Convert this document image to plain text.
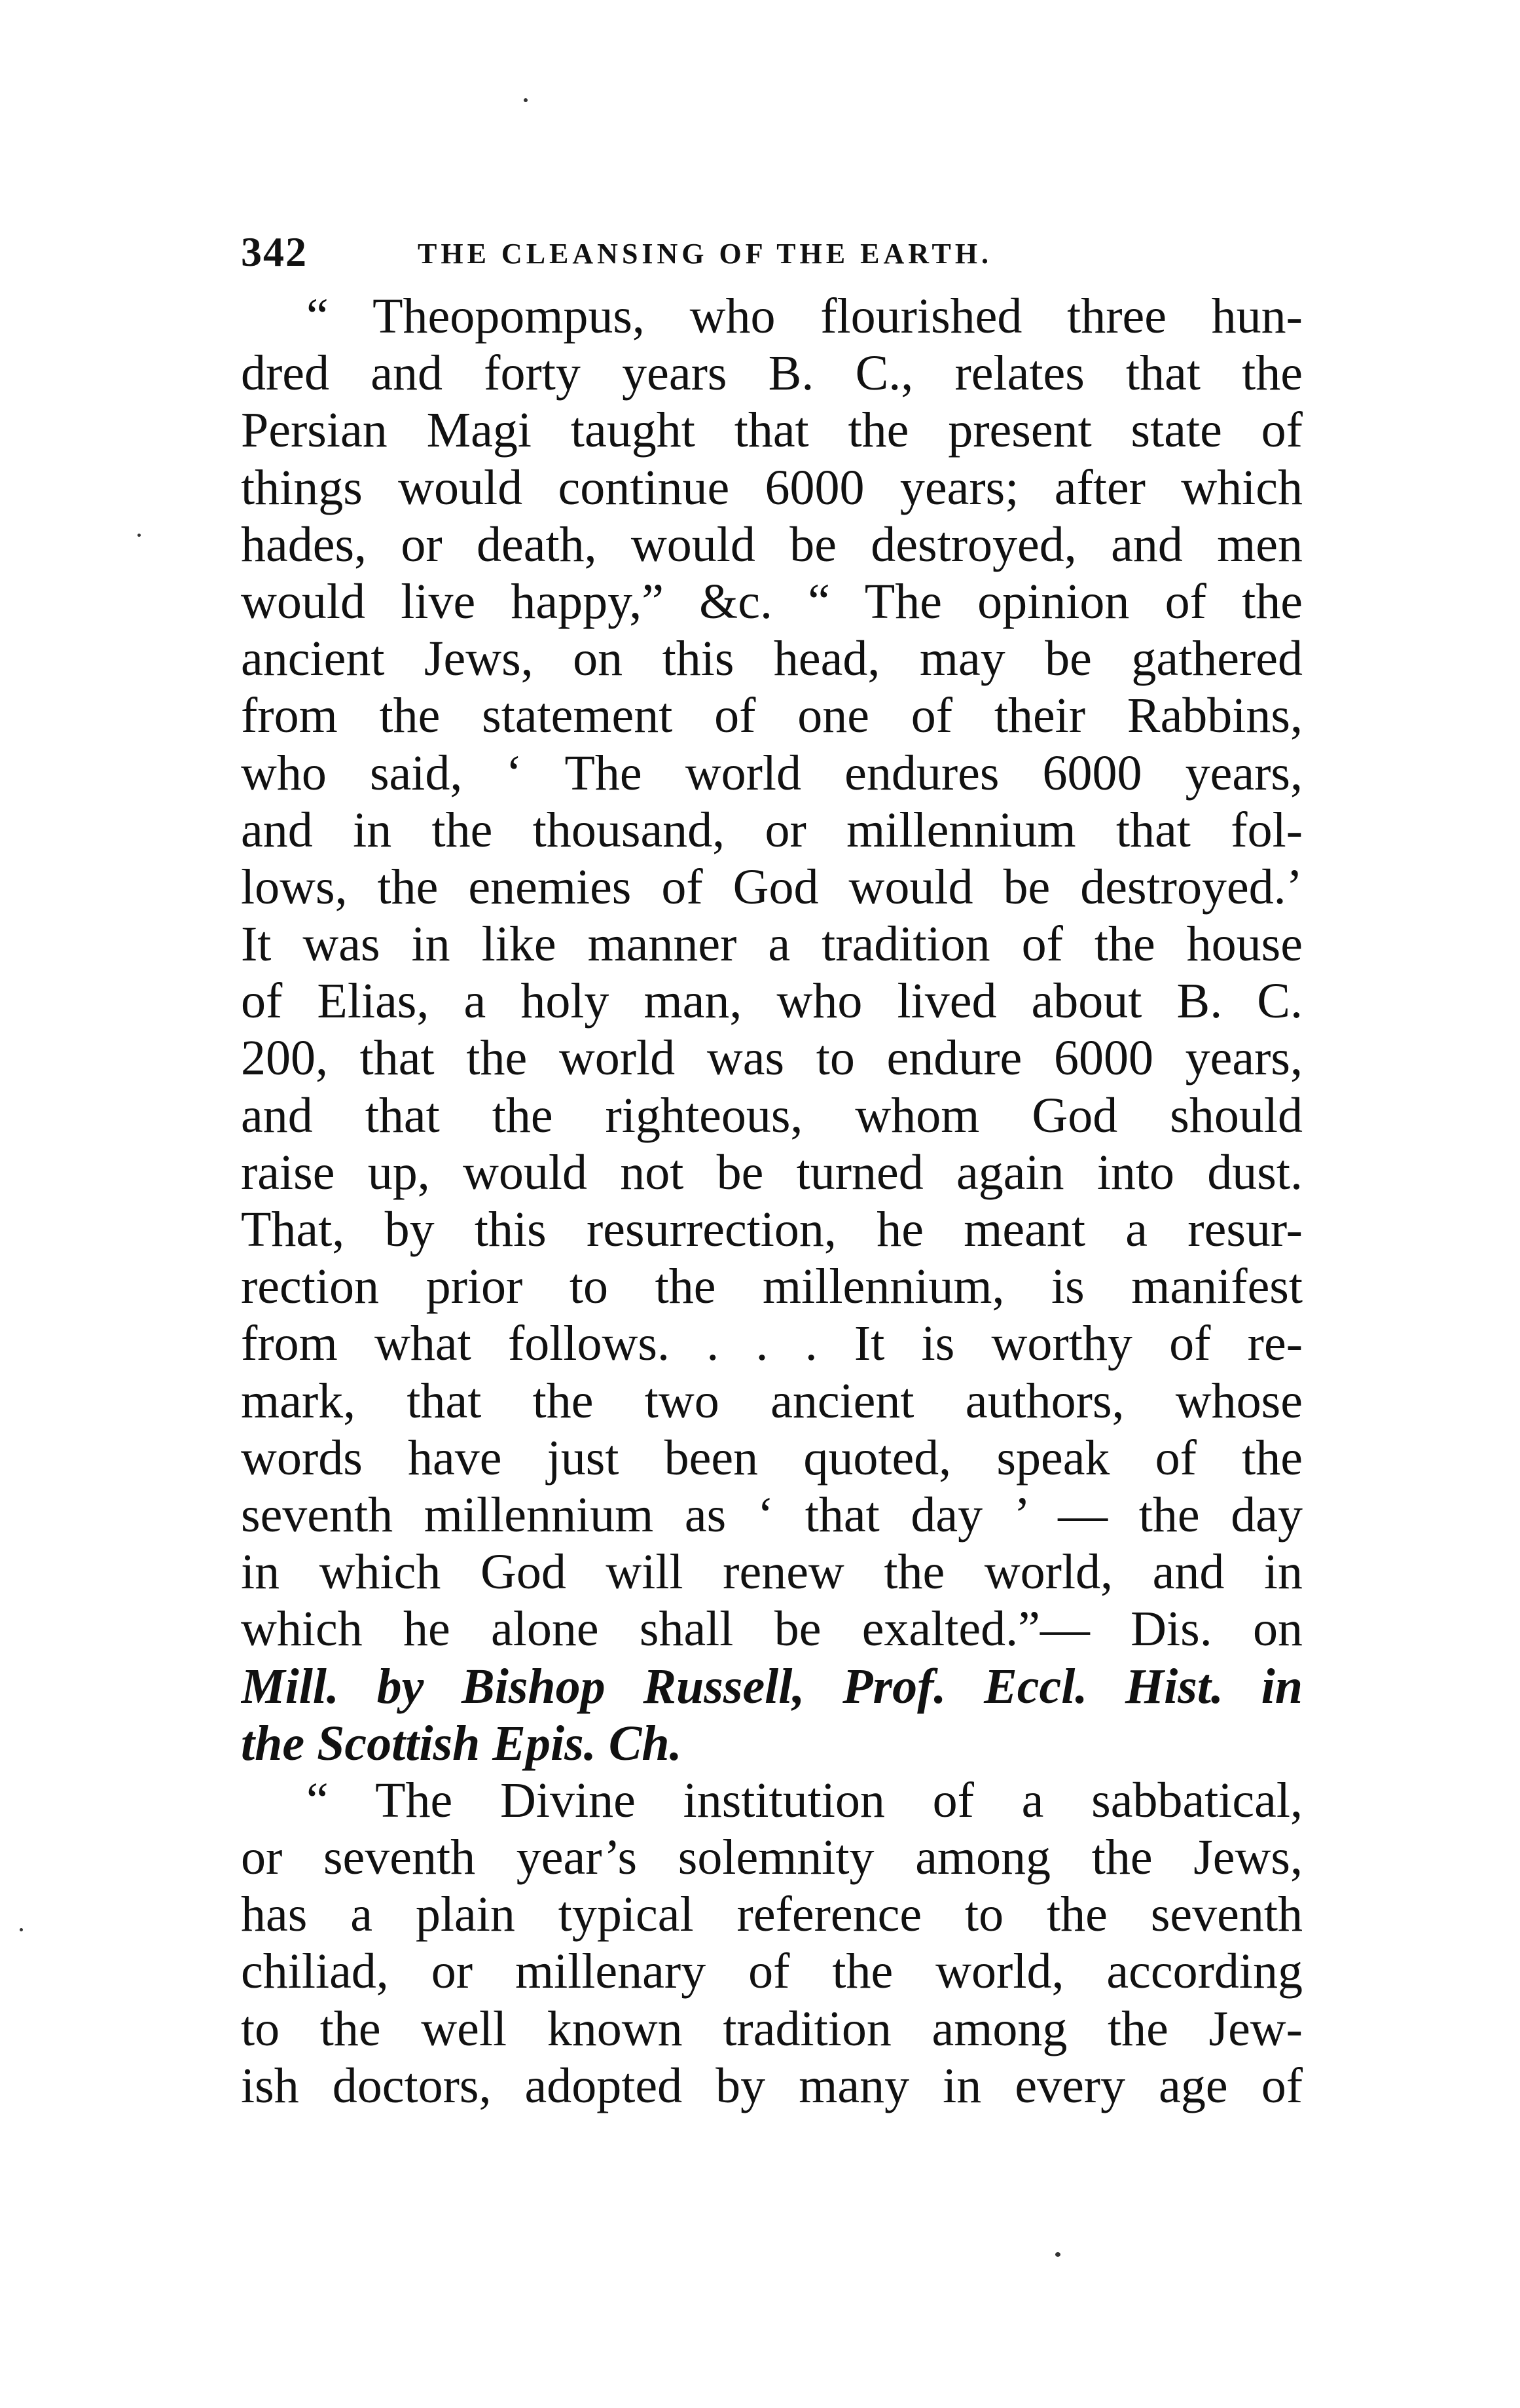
342	THE CLEANSING OF THE EARTH.
“ Theopompus, who flourished three hun-
dred and forty years B. C., relates that the
Persian Magi taught that the present state of
things would continue 6000 years; after which
hades, or death, would be destroyed, and men
would live happy,” &c. “ The opinion of the
ancient Jews, on this head, may be gathered
from the statement of one of their Rabbins,
who said, ‘ The world endures 6000 years,
and in the thousand, or millennium that fol-
lows, the enemies of God would be destroyed.’
It was in like manner a tradition of the house
of Elias, a holy man, who lived about B. C.
200, that the world was to endure 6000 years,
and that the righteous, whom God should
raise up, would not be turned again into dust.
That, by this resurrection, he meant a resur-
rection prior to the millennium, is manifest
from what follows. . . . It is worthy of re-
mark, that the two ancient authors, whose
words have just been quoted, speak of the
seventh millennium as ‘ that day ’ — the day
in which God will renew the world, and in
which he alone shall be exalted.”— Dis. on
Mill. by Bishop Russell, Prof. Eccl. Hist. in
the Scottish Epis. Ch.
“ The Divine institution of a sabbatical,
or seventh year’s solemnity among the Jews,
has a plain typical reference to the seventh
chiliad, or millenary of the world, according
to the well known tradition among the Jew-
ish doctors, adopted by many in every age of
